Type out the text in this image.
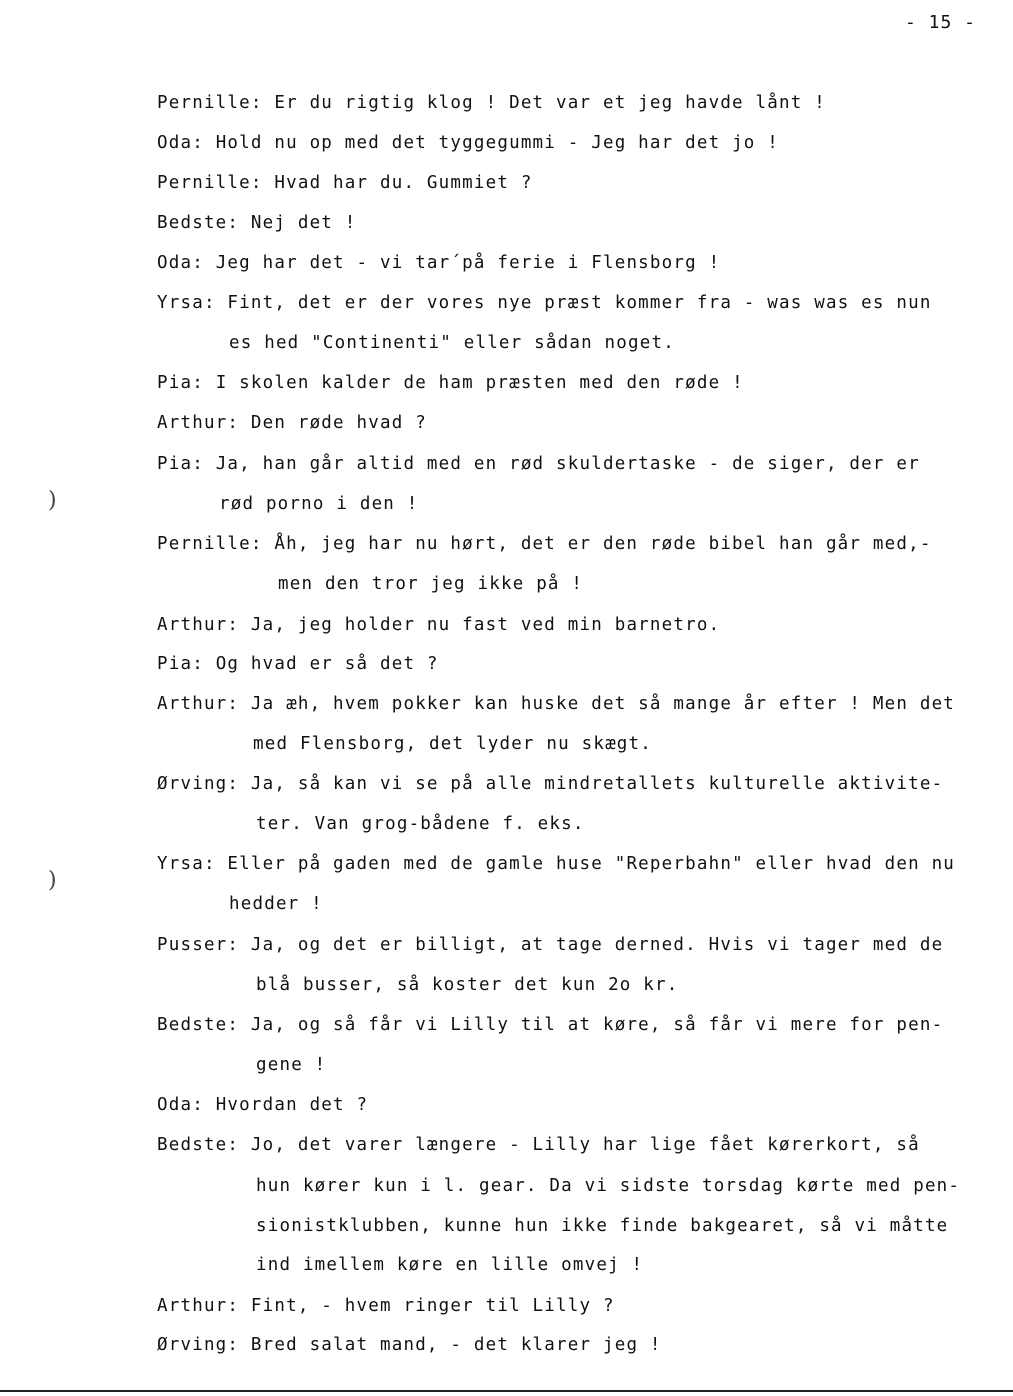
- 15 -
)
)
Pernille: Er du rigtig klog ! Det var et jeg havde lånt !
Oda: Hold nu op med det tyggegummi - Jeg har det jo !
Pernille: Hvad har du. Gummiet ?
Bedste: Nej det !
Oda: Jeg har det - vi tar´på ferie i Flensborg !
Yrsa: Fint, det er der vores nye præst kommer fra - was was es nun
es hed "Continenti" eller sådan noget.
Pia: I skolen kalder de ham præsten med den røde !
Arthur: Den røde hvad ?
Pia: Ja, han går altid med en rød skuldertaske - de siger, der er
rød porno i den !
Pernille: Åh, jeg har nu hørt, det er den røde bibel han går med,-
men den tror jeg ikke på !
Arthur: Ja, jeg holder nu fast ved min barnetro.
Pia: Og hvad er så det ?
Arthur: Ja æh, hvem pokker kan huske det så mange år efter ! Men det
med Flensborg, det lyder nu skægt.
Ørving: Ja, så kan vi se på alle mindretallets kulturelle aktivite-
ter. Van grog-bådene f. eks.
Yrsa: Eller på gaden med de gamle huse "Reperbahn" eller hvad den nu
hedder !
Pusser: Ja, og det er billigt, at tage derned. Hvis vi tager med de
blå busser, så koster det kun 2o kr.
Bedste: Ja, og så får vi Lilly til at køre, så får vi mere for pen-
gene !
Oda: Hvordan det ?
Bedste: Jo, det varer længere - Lilly har lige fået kørerkort, så
hun kører kun i l. gear. Da vi sidste torsdag kørte med pen-
sionistklubben, kunne hun ikke finde bakgearet, så vi måtte
ind imellem køre en lille omvej !
Arthur: Fint, - hvem ringer til Lilly ?
Ørving: Bred salat mand, - det klarer jeg !
